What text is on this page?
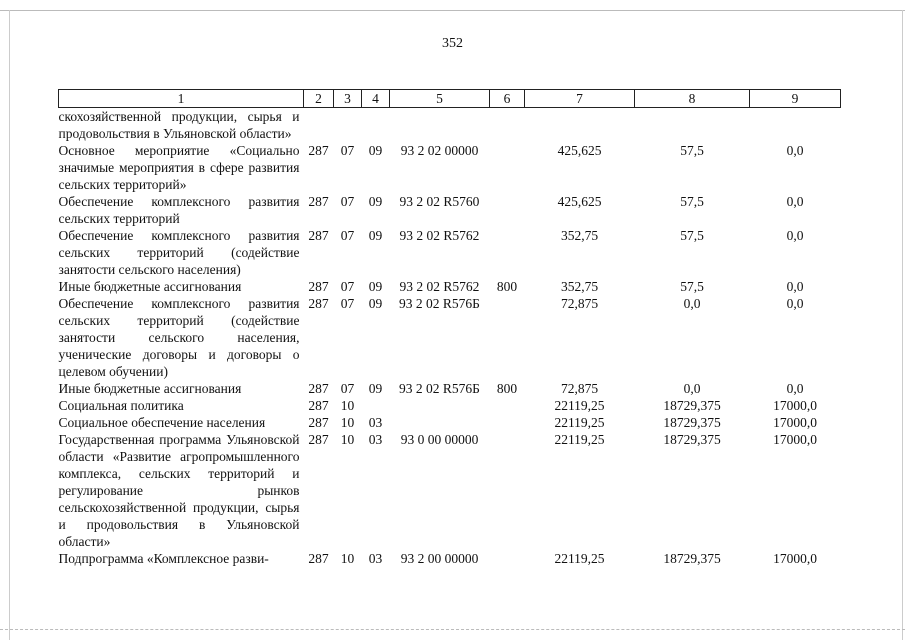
352
1	2	3	4	5	6	7	8	9
скохозяйственной продукции, сырья и продовольствия в Ульяновской области»								
Основное мероприятие «Социально значимые мероприятия в сфере развития сельских территорий»	287	07	09	93 2 02 00000		425,625	57,5	0,0
Обеспечение комплексного развития сельских территорий	287	07	09	93 2 02 R5760		425,625	57,5	0,0
Обеспечение комплексного развития сельских территорий (содействие занятости сельского населения)	287	07	09	93 2 02 R5762		352,75	57,5	0,0
Иные бюджетные ассигнования	287	07	09	93 2 02 R5762	800	352,75	57,5	0,0
Обеспечение комплексного развития сельских территорий (содействие занятости сельского населения, ученические договоры и договоры о целевом обучении)	287	07	09	93 2 02 R576Б		72,875	0,0	0,0
Иные бюджетные ассигнования	287	07	09	93 2 02 R576Б	800	72,875	0,0	0,0
Социальная политика	287	10				22119,25	18729,375	17000,0
Социальное обеспечение населения	287	10	03			22119,25	18729,375	17000,0
Государственная программа Ульяновской области «Развитие агропромышленного комплекса, сельских территорий и регулирование рынков сельскохозяйственной продукции, сырья и продовольствия в Ульяновской области»	287	10	03	93 0 00 00000		22119,25	18729,375	17000,0
Подпрограмма «Комплексное разви-	287	10	03	93 2 00 00000		22119,25	18729,375	17000,0
